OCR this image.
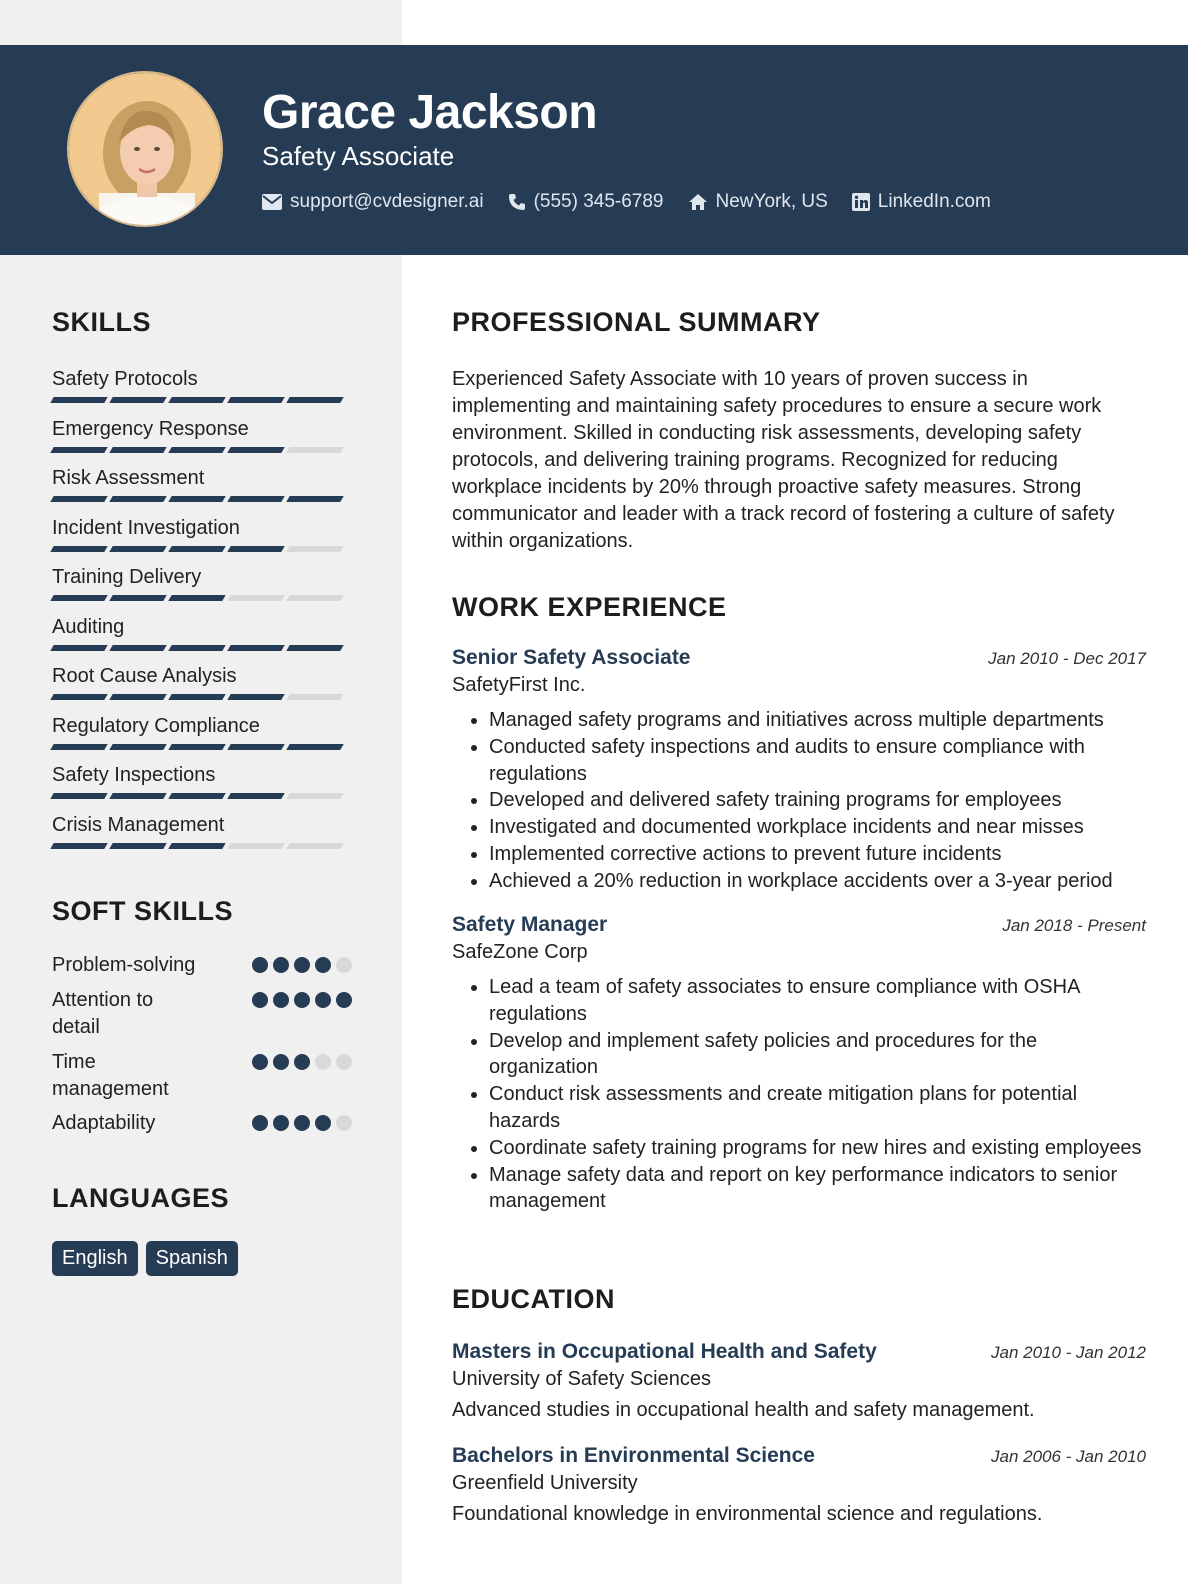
Grace Jackson
Safety Associate
support@cvdesigner.ai	(555) 345-6789	NewYork, US	LinkedIn.com
SKILLS
Safety Protocols
Emergency Response
Risk Assessment
Incident Investigation
Training Delivery
Auditing
Root Cause Analysis
Regulatory Compliance
Safety Inspections
Crisis Management
SOFT SKILLS
Problem-solving
Attention to detail
Time management
Adaptability
LANGUAGES
English	Spanish
PROFESSIONAL SUMMARY

Experienced Safety Associate with 10 years of proven success in implementing and maintaining safety procedures to ensure a secure work environment. Skilled in conducting risk assessments, developing safety protocols, and delivering training programs. Recognized for reducing workplace incidents by 20% through proactive safety measures. Strong communicator and leader with a track record of fostering a culture of safety within organizations.

WORK EXPERIENCE
Senior Safety Associate	Jan 2010 - Dec 2017
SafetyFirst Inc.
• Managed safety programs and initiatives across multiple departments
• Conducted safety inspections and audits to ensure compliance with regulations
• Developed and delivered safety training programs for employees
• Investigated and documented workplace incidents and near misses
• Implemented corrective actions to prevent future incidents
• Achieved a 20% reduction in workplace accidents over a 3-year period
Safety Manager	Jan 2018 - Present
SafeZone Corp
• Lead a team of safety associates to ensure compliance with OSHA regulations
• Develop and implement safety policies and procedures for the organization
• Conduct risk assessments and create mitigation plans for potential hazards
• Coordinate safety training programs for new hires and existing employees
• Manage safety data and report on key performance indicators to senior management
EDUCATION
Masters in Occupational Health and Safety	Jan 2010 - Jan 2012
University of Safety Sciences
Advanced studies in occupational health and safety management.
Bachelors in Environmental Science	Jan 2006 - Jan 2010
Greenfield University
Foundational knowledge in environmental science and regulations.
